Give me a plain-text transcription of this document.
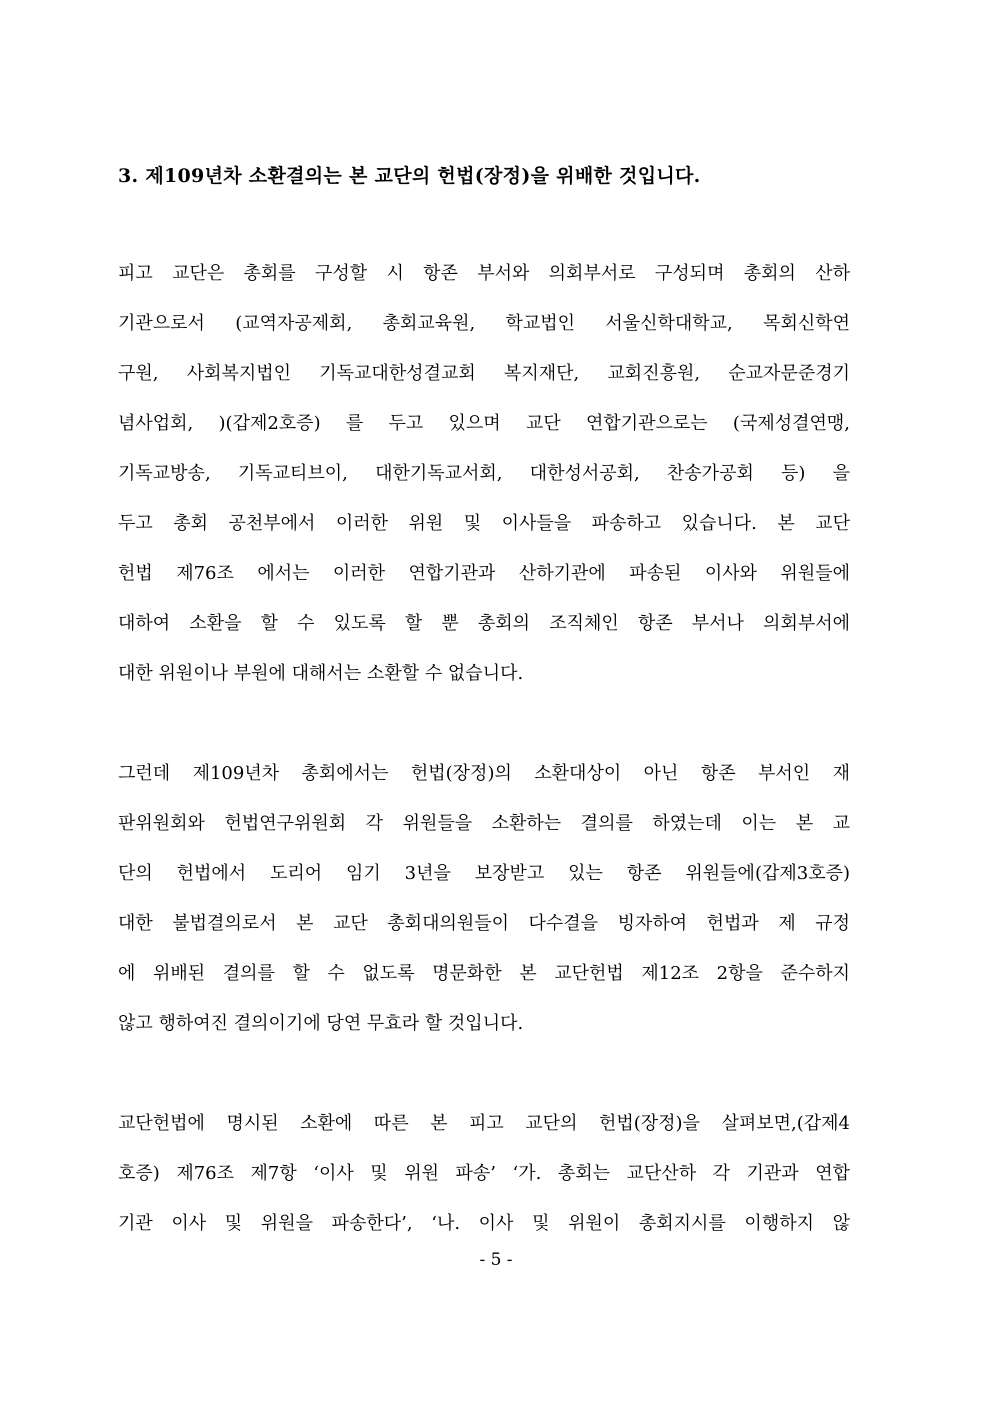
3. 제109년차 소환결의는 본 교단의 헌법(장정)을 위배한 것입니다.
피고 교단은 총회를 구성할 시 항존 부서와 의회부서로 구성되며 총회의 산하
기관으로서 (교역자공제회, 총회교육원, 학교법인 서울신학대학교, 목회신학연
구원, 사회복지법인 기독교대한성결교회 복지재단, 교회진흥원, 순교자문준경기
념사업회, )(갑제2호증) 를 두고 있으며 교단 연합기관으로는 (국제성결연맹,
기독교방송, 기독교티브이, 대한기독교서회, 대한성서공회, 찬송가공회 등) 을
두고 총회 공천부에서 이러한 위원 및 이사들을 파송하고 있습니다. 본 교단
헌법 제76조 에서는 이러한 연합기관과 산하기관에 파송된 이사와 위원들에
대하여 소환을 할 수 있도록 할 뿐 총회의 조직체인 항존 부서나 의회부서에
대한 위원이나 부원에 대해서는 소환할 수 없습니다.
그런데 제109년차 총회에서는 헌법(장정)의 소환대상이 아닌 항존 부서인 재
판위원회와 헌법연구위원회 각 위원들을 소환하는 결의를 하였는데 이는 본 교
단의 헌법에서 도리어 임기 3년을 보장받고 있는 항존 위원들에(갑제3호증)
대한 불법결의로서 본 교단 총회대의원들이 다수결을 빙자하여 헌법과 제 규정
에 위배된 결의를 할 수 없도록 명문화한 본 교단헌법 제12조 2항을 준수하지
않고 행하여진 결의이기에 당연 무효라 할 것입니다.
교단헌법에 명시된 소환에 따른 본 피고 교단의 헌법(장정)을 살펴보면,(갑제4
호증) 제76조 제7항 ‘이사 및 위원 파송’ ‘가. 총회는 교단산하 각 기관과 연합
기관 이사 및 위원을 파송한다’, ‘나. 이사 및 위원이 총회지시를 이행하지 않
- 5 -
